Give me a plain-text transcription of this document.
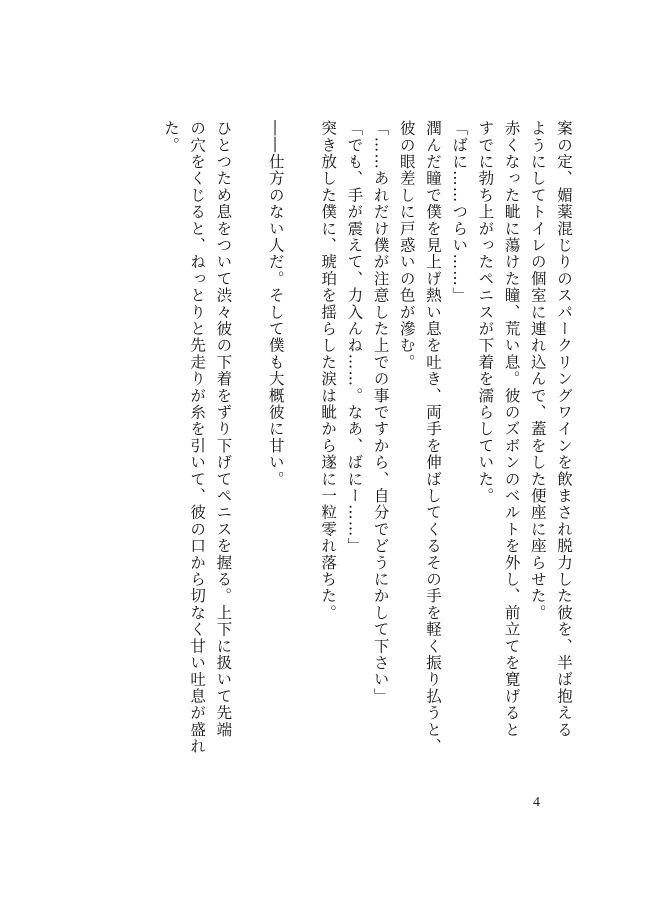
案の定、媚薬混じりのスパークリングワインを飲まされ脱力した彼を、半ば抱える
ようにしてトイレの個室に連れ込んで、蓋をした便座に座らせた。
赤くなった眦に蕩けた瞳、荒い息。彼のズボンのベルトを外し、前立てを寛げると
すでに勃ち上がったペニスが下着を濡らしていた。
「ばに……つらい……」
潤んだ瞳で僕を見上げ熱い息を吐き、両手を伸ばしてくるその手を軽く振り払うと、
彼の眼差しに戸惑いの色が滲む。
「……あれだけ僕が注意した上での事ですから、自分でどうにかして下さい」
「でも、手が震えて、力入んね……。なあ、ばにー……」
突き放した僕に、琥珀を揺らした涙は眦から遂に一粒零れ落ちた。
――仕方のない人だ。そして僕も大概彼に甘い。
ひとつため息をついて渋々彼の下着をずり下げてペニスを握る。上下に扱いて先端
の穴をくじると、ねっとりと先走りが糸を引いて、彼の口から切なく甘い吐息が盛れ
た。
4
